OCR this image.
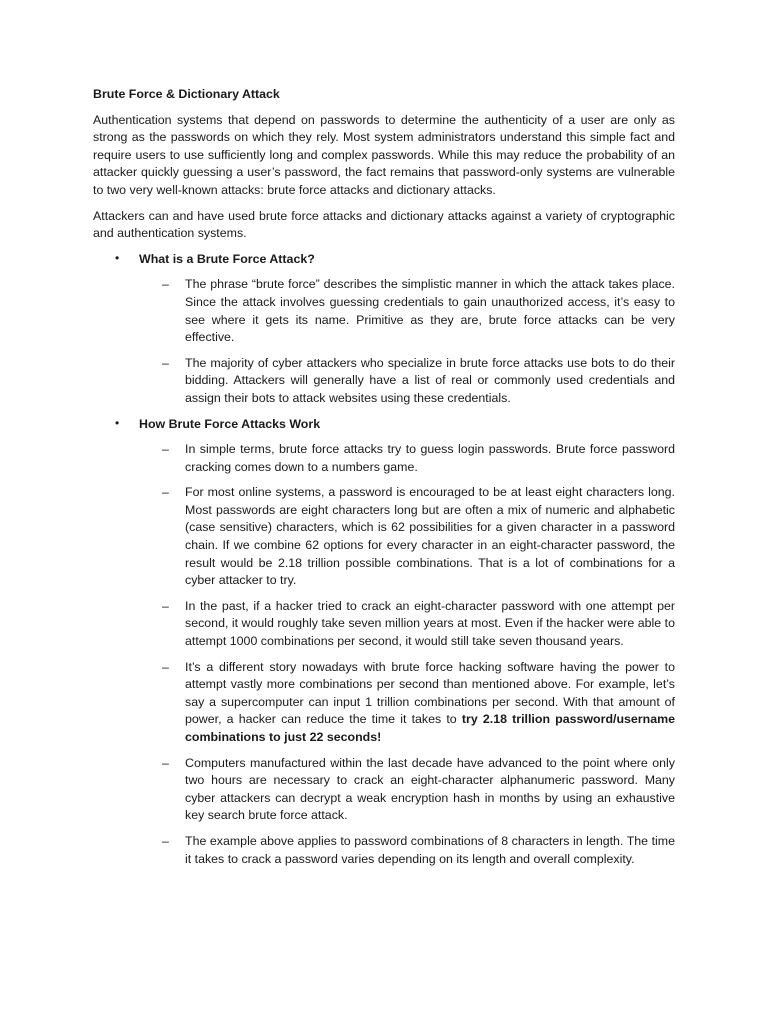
Brute Force & Dictionary Attack
Authentication systems that depend on passwords to determine the authenticity of a user are only as strong as the passwords on which they rely. Most system administrators understand this simple fact and require users to use sufficiently long and complex passwords. While this may reduce the probability of an attacker quickly guessing a user’s password, the fact remains that password-only systems are vulnerable to two very well-known attacks: brute force attacks and dictionary attacks.
Attackers can and have used brute force attacks and dictionary attacks against a variety of cryptographic and authentication systems.
• What is a Brute Force Attack?
– The phrase “brute force” describes the simplistic manner in which the attack takes place. Since the attack involves guessing credentials to gain unauthorized access, it’s easy to see where it gets its name. Primitive as they are, brute force attacks can be very effective.
– The majority of cyber attackers who specialize in brute force attacks use bots to do their bidding. Attackers will generally have a list of real or commonly used credentials and assign their bots to attack websites using these credentials.
• How Brute Force Attacks Work
– In simple terms, brute force attacks try to guess login passwords. Brute force password cracking comes down to a numbers game.
– For most online systems, a password is encouraged to be at least eight characters long. Most passwords are eight characters long but are often a mix of numeric and alphabetic (case sensitive) characters, which is 62 possibilities for a given character in a password chain. If we combine 62 options for every character in an eight-character password, the result would be 2.18 trillion possible combinations. That is a lot of combinations for a cyber attacker to try.
– In the past, if a hacker tried to crack an eight-character password with one attempt per second, it would roughly take seven million years at most. Even if the hacker were able to attempt 1000 combinations per second, it would still take seven thousand years.
– It’s a different story nowadays with brute force hacking software having the power to attempt vastly more combinations per second than mentioned above. For example, let’s say a supercomputer can input 1 trillion combinations per second. With that amount of power, a hacker can reduce the time it takes to try 2.18 trillion password/username combinations to just 22 seconds!
– Computers manufactured within the last decade have advanced to the point where only two hours are necessary to crack an eight-character alphanumeric password. Many cyber attackers can decrypt a weak encryption hash in months by using an exhaustive key search brute force attack.
– The example above applies to password combinations of 8 characters in length. The time it takes to crack a password varies depending on its length and overall complexity.
